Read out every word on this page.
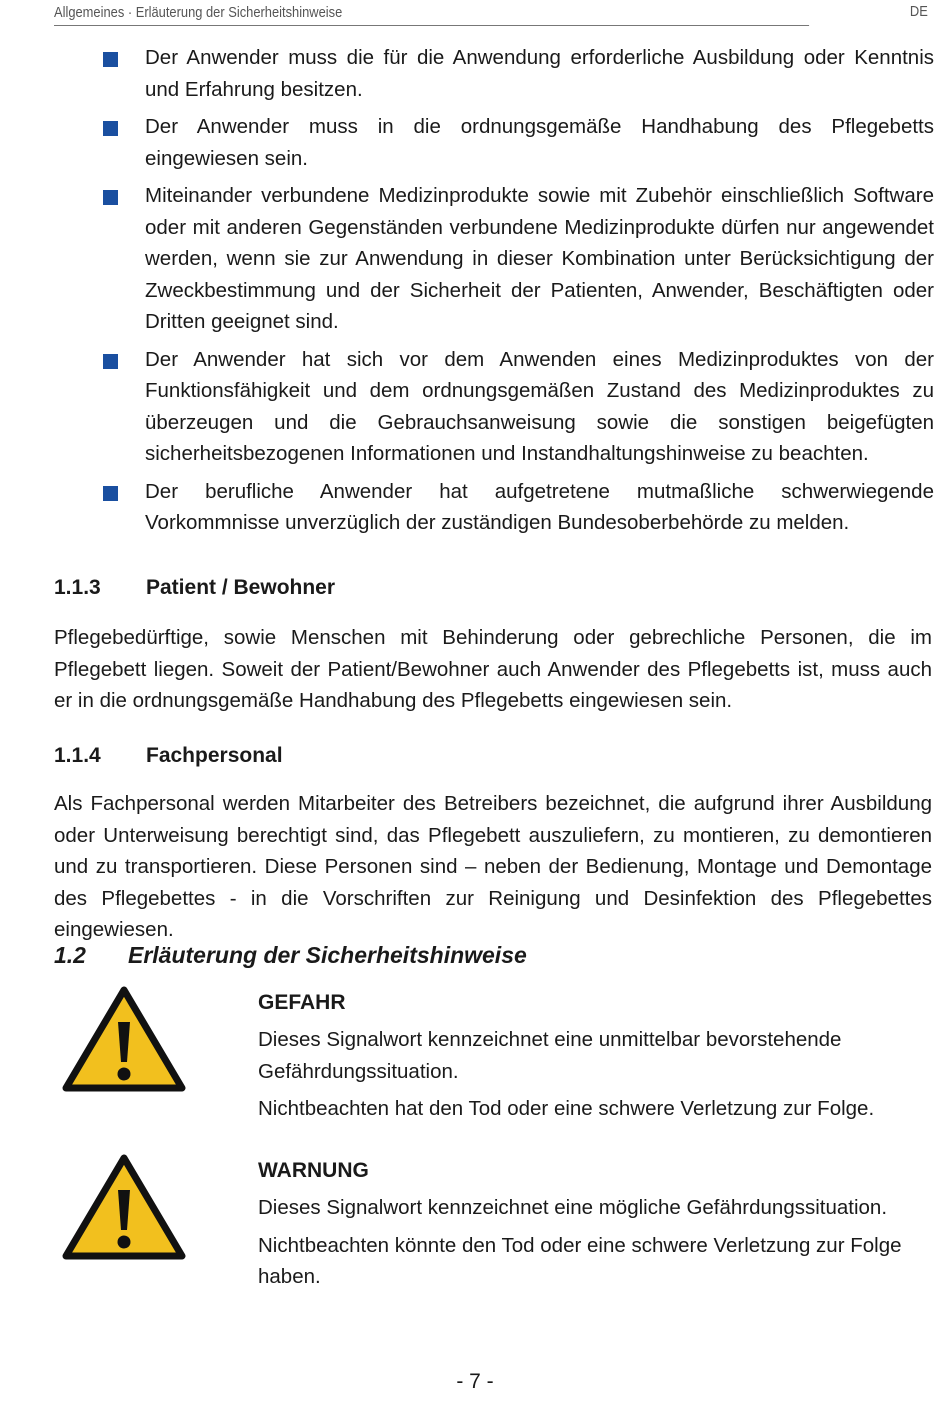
Allgemeines · Erläuterung der Sicherheitshinweise	DE
Der Anwender muss die für die Anwendung erforderliche Ausbildung oder Kenntnis und Erfahrung besitzen.
Der Anwender muss in die ordnungsgemäße Handhabung des Pflegebetts eingewiesen sein.
Miteinander verbundene Medizinprodukte sowie mit Zubehör einschließlich Software oder mit anderen Gegenständen verbundene Medizinprodukte dürfen nur angewendet werden, wenn sie zur Anwendung in dieser Kombination unter Berücksichtigung der Zweckbestimmung und der Sicherheit der Patienten, Anwender, Beschäftigten oder Dritten geeignet sind.
Der Anwender hat sich vor dem Anwenden eines Medizinproduktes von der Funktionsfähigkeit und dem ordnungsgemäßen Zustand des Medizinproduktes zu überzeugen und die Gebrauchsanweisung sowie die sonstigen beigefügten sicherheitsbezogenen Informationen und Instandhaltungshinweise zu beachten.
Der berufliche Anwender hat aufgetretene mutmaßliche schwerwiegende Vorkommnisse unverzüglich der zuständigen Bundesoberbehörde zu melden.
1.1.3 Patient / Bewohner
Pflegebedürftige, sowie Menschen mit Behinderung oder gebrechliche Personen, die im Pflegebett liegen. Soweit der Patient/Bewohner auch Anwender des Pflegebetts ist, muss auch er in die ordnungsgemäße Handhabung des Pflegebetts eingewiesen sein.
1.1.4 Fachpersonal
Als Fachpersonal werden Mitarbeiter des Betreibers bezeichnet, die aufgrund ihrer Ausbildung oder Unterweisung berechtigt sind, das Pflegebett auszuliefern, zu montieren, zu demontieren und zu transportieren. Diese Personen sind – neben der Bedienung, Montage und Demontage des Pflegebettes - in die Vorschriften zur Reinigung und Desinfektion des Pflegebettes eingewiesen.
1.2 Erläuterung der Sicherheitshinweise
GEFAHR
Dieses Signalwort kennzeichnet eine unmittelbar bevorstehende Gefährdungssituation.
Nichtbeachten hat den Tod oder eine schwere Verletzung zur Folge.
WARNUNG
Dieses Signalwort kennzeichnet eine mögliche Gefährdungssituation.
Nichtbeachten könnte den Tod oder eine schwere Verletzung zur Folge haben.
- 7 -
